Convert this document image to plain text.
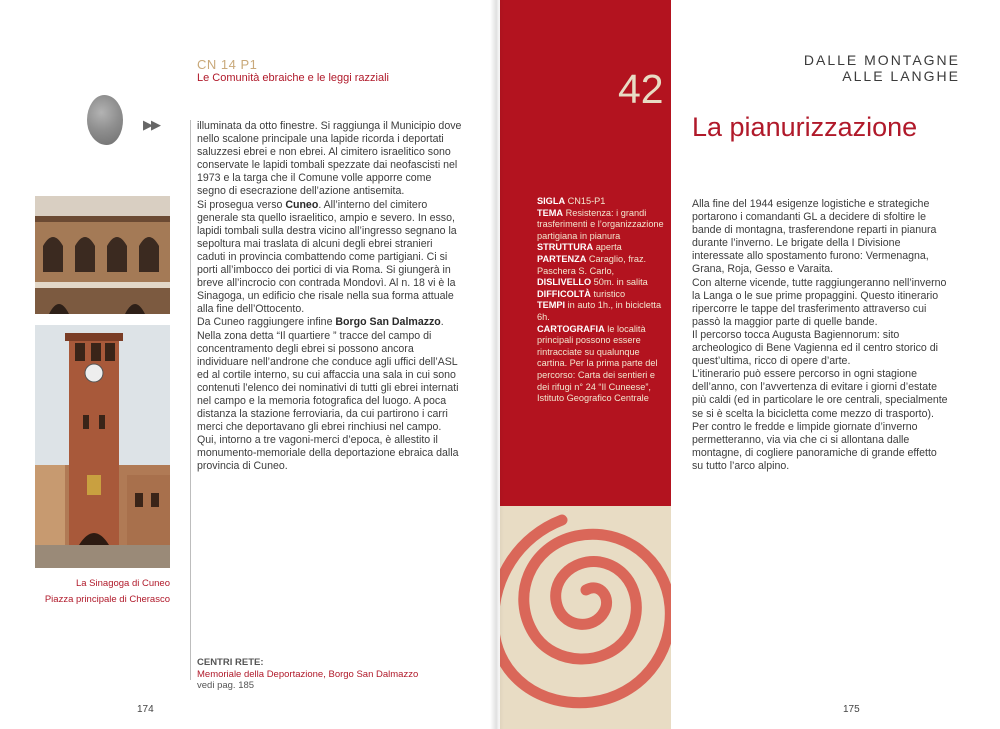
42
CN 14 P1
Le Comunità ebraiche e le leggi razziali
▶▶
La Sinagoga di Cuneo
Piazza principale di Cherasco

illuminata da otto finestre. Si raggiunga il Municipio dove nello scalone principale una lapide ricorda i deportati saluzzesi ebrei e non ebrei. Al cimitero israelitico sono conservate le lapidi tombali spezzate dai neofascisti nel 1973 e la targa che il Comune volle apporre come segno di esecrazione dell’azione antisemita.

Si prosegua verso Cuneo. All’interno del cimitero generale sta quello israelitico, ampio e severo. In esso, lapidi tombali sulla destra vicino all’ingresso segnano la sepoltura mai traslata di alcuni degli ebrei stranieri caduti in provincia combattendo come partigiani. Ci si porti all’imbocco dei portici di via Roma. Si giungerà in breve all’incrocio con contrada Mondovì. Al n. 18 vi è la Sinagoga, un edificio che risale nella sua forma attuale alla fine dell’Ottocento.

Da Cuneo raggiungere infine Borgo San Dalmazzo. Nella zona detta “Il quartiere ” tracce del campo di concentramento degli ebrei si possono ancora individuare nell’androne che conduce agli uffici dell’ASL ed al cortile interno, su cui affaccia una sala in cui sono contenuti l’elenco dei nominativi di tutti gli ebrei internati nel campo e la memoria fotografica del luogo. A poca distanza la stazione ferroviaria, da cui partirono i carri merci che deportavano gli ebrei rinchiusi nel campo. Qui, intorno a tre vagoni-merci d’epoca, è allestito il monumento-memoriale della deportazione ebraica dalla provincia di Cuneo.

CENTRI RETE:
Memoriale della Deportazione, Borgo San Dalmazzo
vedi pag. 185
174
DALLE MONTAGNE
ALLE LANGHE
La pianurizzazione
SIGLA CN15-P1
TEMA Resistenza: i grandi trasferimenti e l’organizzazione partigiana in pianura
STRUTTURA aperta
PARTENZA Caraglio, fraz. Paschera S. Carlo,
DISLIVELLO 50m. in salita
DIFFICOLTÀ turistico
TEMPI in auto 1h., in bicicletta 6h.
CARTOGRAFIA le località principali possono essere rintracciate su qualunque cartina. Per la prima parte del percorso: Carta dei sentieri e dei rifugi n° 24 “Il Cuneese”, Istituto Geografico Centrale

Alla fine del 1944 esigenze logistiche e strategiche portarono i comandanti GL a decidere di sfoltire le bande di montagna, trasferendone reparti in pianura durante l’inverno. Le brigate della I Divisione interessate allo spostamento furono: Vermenagna, Grana, Roja, Gesso e Varaita.

Con alterne vicende, tutte raggiungeranno nell’inverno la Langa o le sue prime propaggini. Questo itinerario ripercorre le tappe del trasferimento attraverso cui passò la maggior parte di quelle bande.

Il percorso tocca Augusta Bagiennorum: sito archeologico di Bene Vagienna ed il centro storico di quest’ultima, ricco di opere d’arte.

L’itinerario può essere percorso in ogni stagione dell’anno, con l’avvertenza di evitare i giorni d’estate più caldi (ed in particolare le ore centrali, specialmente se si è scelta la bicicletta come mezzo di trasporto). Per contro le fredde e limpide giornate d’inverno permetteranno, via via che ci si allontana dalle montagne, di cogliere panoramiche di grande effetto su tutto l’arco alpino.

175
